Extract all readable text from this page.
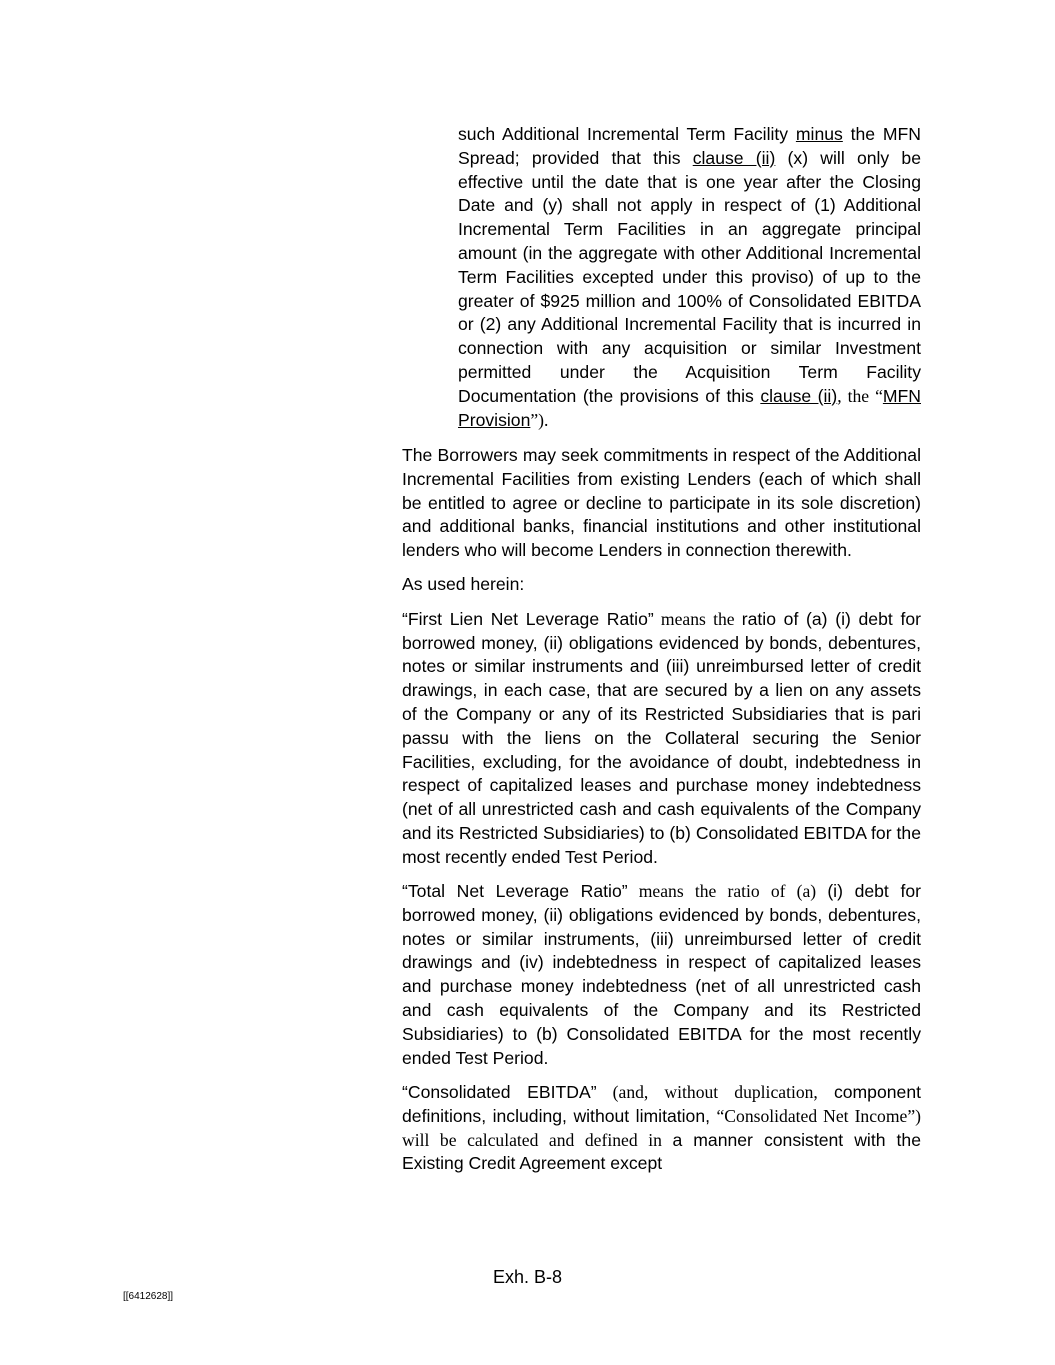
such Additional Incremental Term Facility minus the MFN Spread; provided that this clause (ii) (x) will only be effective until the date that is one year after the Closing Date and (y) shall not apply in respect of (1) Additional Incremental Term Facilities in an aggregate principal amount (in the aggregate with other Additional Incremental Term Facilities excepted under this proviso) of up to the greater of $925 million and 100% of Consolidated EBITDA or (2) any Additional Incremental Facility that is incurred in connection with any acquisition or similar Investment permitted under the Acquisition Term Facility Documentation (the provisions of this clause (ii), the “MFN Provision”).

The Borrowers may seek commitments in respect of the Additional Incremental Facilities from existing Lenders (each of which shall be entitled to agree or decline to participate in its sole discretion) and additional banks, financial institutions and other institutional lenders who will become Lenders in connection therewith.

As used herein:

“First Lien Net Leverage Ratio” means the ratio of (a) (i) debt for borrowed money, (ii) obligations evidenced by bonds, debentures, notes or similar instruments and (iii) unreimbursed letter of credit drawings, in each case, that are secured by a lien on any assets of the Company or any of its Restricted Subsidiaries that is pari passu with the liens on the Collateral securing the Senior Facilities, excluding, for the avoidance of doubt, indebtedness in respect of capitalized leases and purchase money indebtedness (net of all unrestricted cash and cash equivalents of the Company and its Restricted Subsidiaries) to (b) Consolidated EBITDA for the most recently ended Test Period.

“Total Net Leverage Ratio” means the ratio of (a) (i) debt for borrowed money, (ii) obligations evidenced by bonds, debentures, notes or similar instruments, (iii) unreimbursed letter of credit drawings and (iv) indebtedness in respect of capitalized leases and purchase money indebtedness (net of all unrestricted cash and cash equivalents of the Company and its Restricted Subsidiaries) to (b) Consolidated EBITDA for the most recently ended Test Period.

“Consolidated EBITDA” (and, without duplication, component definitions, including, without limitation, “Consolidated Net Income”) will be calculated and defined in a manner consistent with the Existing Credit Agreement except

Exh. B-8
[[6412628]]
